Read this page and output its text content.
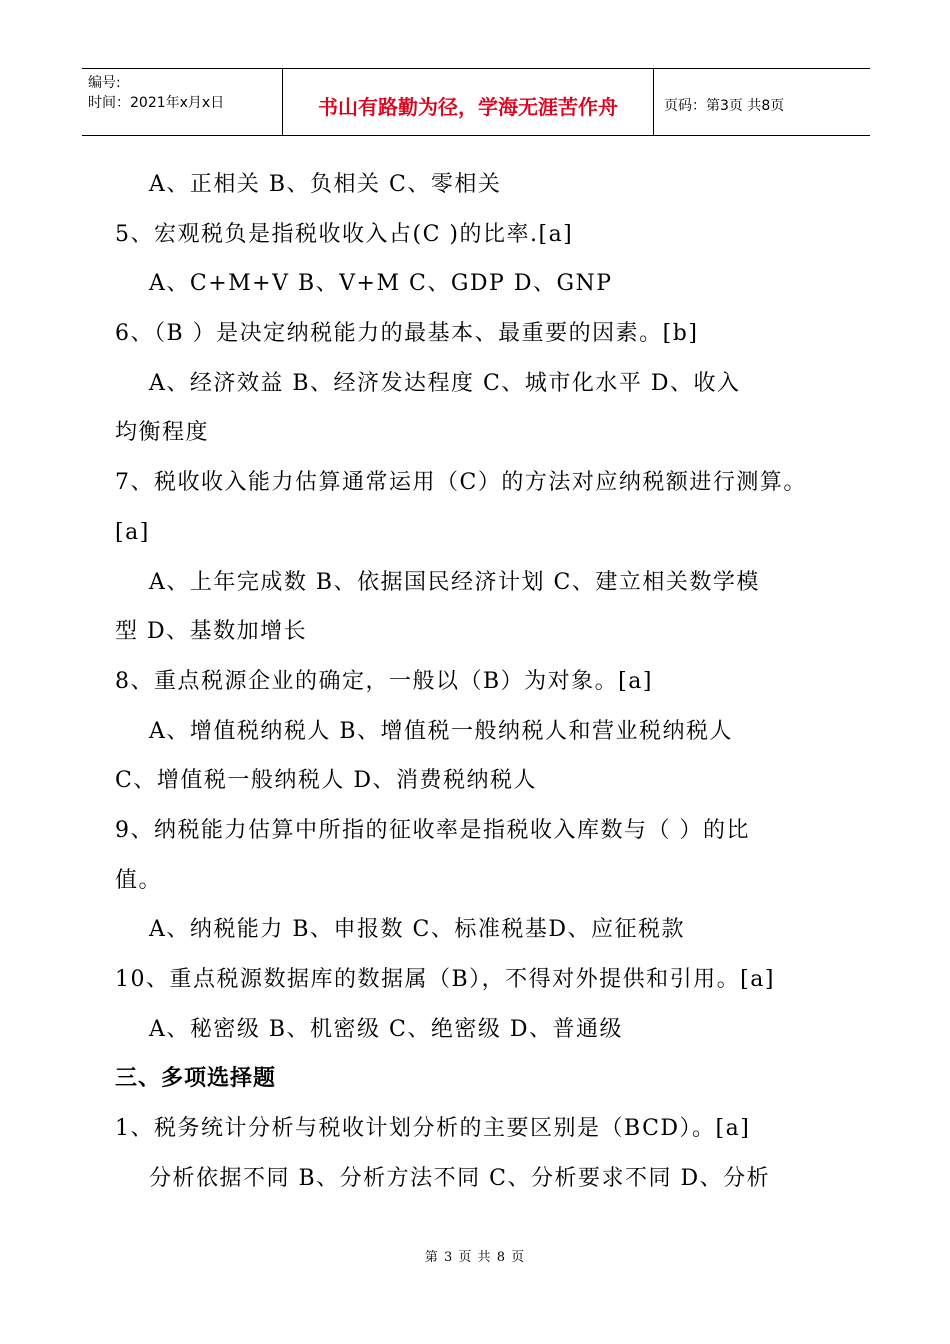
编号:
时间：2021年x月x日	书山有路勤为径，学海无涯苦作舟	页码：第3页 共8页
A、正相关 B、负相关 C、零相关
5、宏观税负是指税收收入占(C )的比率.[a]
A、C+M+V B、V+M C、GDP D、GNP
6、（B ）是决定纳税能力的最基本、最重要的因素。[b]
A、经济效益 B、经济发达程度 C、城市化水平 D、收入
均衡程度
7、税收收入能力估算通常运用（C）的方法对应纳税额进行测算。
[a]
A、上年完成数 B、依据国民经济计划 C、建立相关数学模
型 D、基数加增长
8、重点税源企业的确定，一般以（B）为对象。[a]
A、增值税纳税人 B、增值税一般纳税人和营业税纳税人
C、增值税一般纳税人 D、消费税纳税人
9、纳税能力估算中所指的征收率是指税收入库数与（ ）的比
值。
A、纳税能力 B、申报数 C、标准税基D、应征税款
10、重点税源数据库的数据属（B），不得对外提供和引用。[a]
A、秘密级 B、机密级 C、绝密级 D、普通级
三、多项选择题
1、税务统计分析与税收计划分析的主要区别是（BCD）。[a]
分析依据不同 B、分析方法不同 C、分析要求不同 D、分析
第 3 页 共 8 页
